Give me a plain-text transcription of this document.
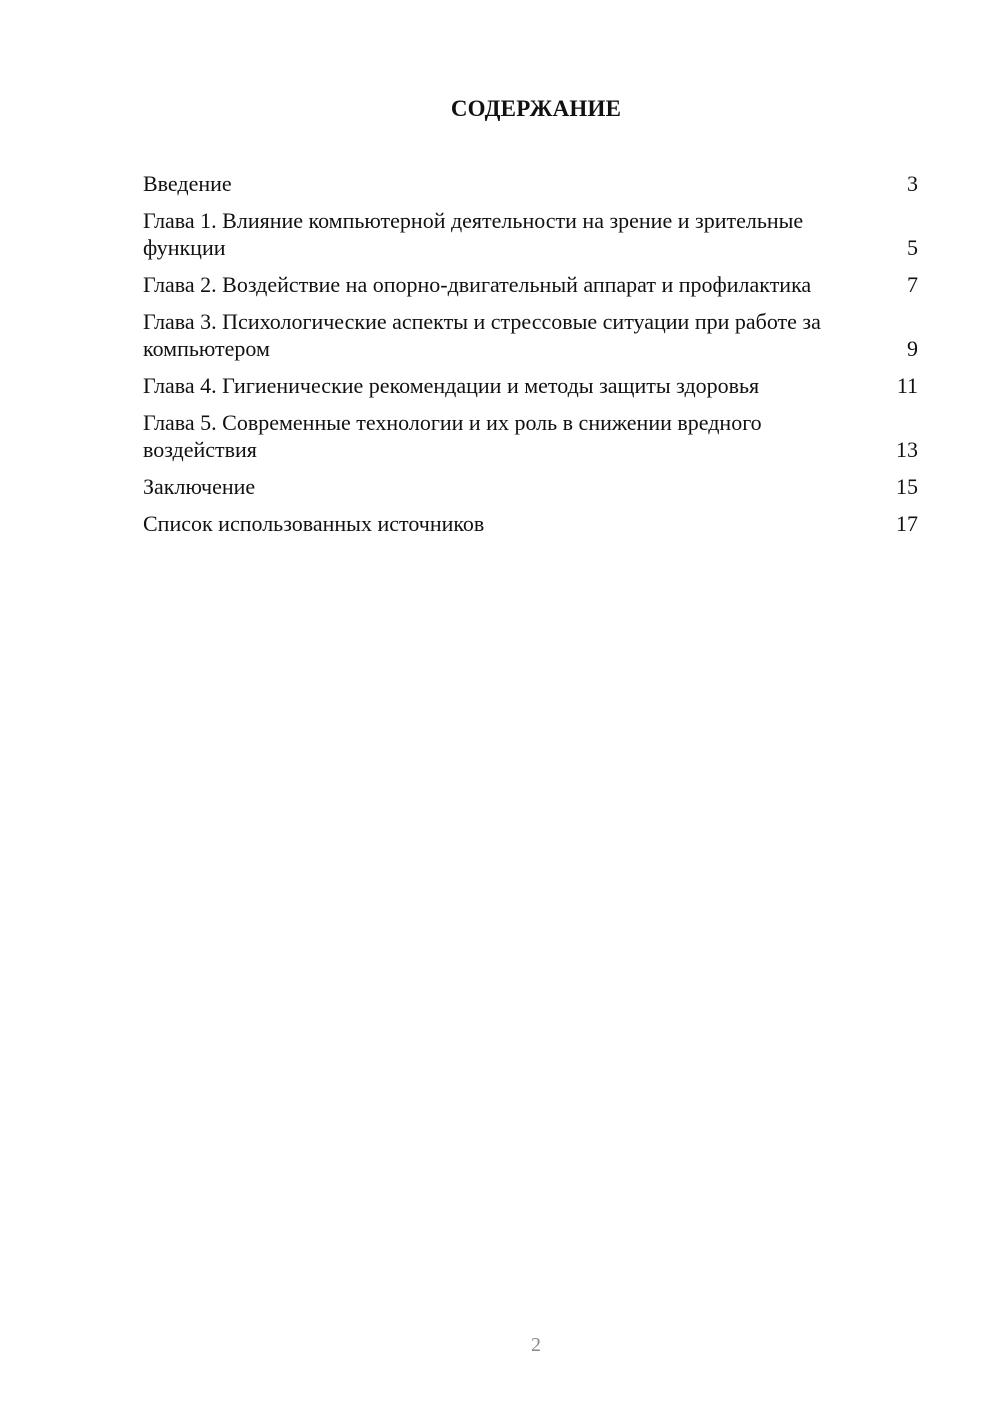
СОДЕРЖАНИЕ
Введение	3
Глава 1. Влияние компьютерной деятельности на зрение и зрительные функции	5
Глава 2. Воздействие на опорно-двигательный аппарат и профилактика	7
Глава 3. Психологические аспекты и стрессовые ситуации при работе за компьютером	9
Глава 4. Гигиенические рекомендации и методы защиты здоровья	11
Глава 5. Современные технологии и их роль в снижении вредного воздействия	13
Заключение	15
Список использованных источников	17
2
